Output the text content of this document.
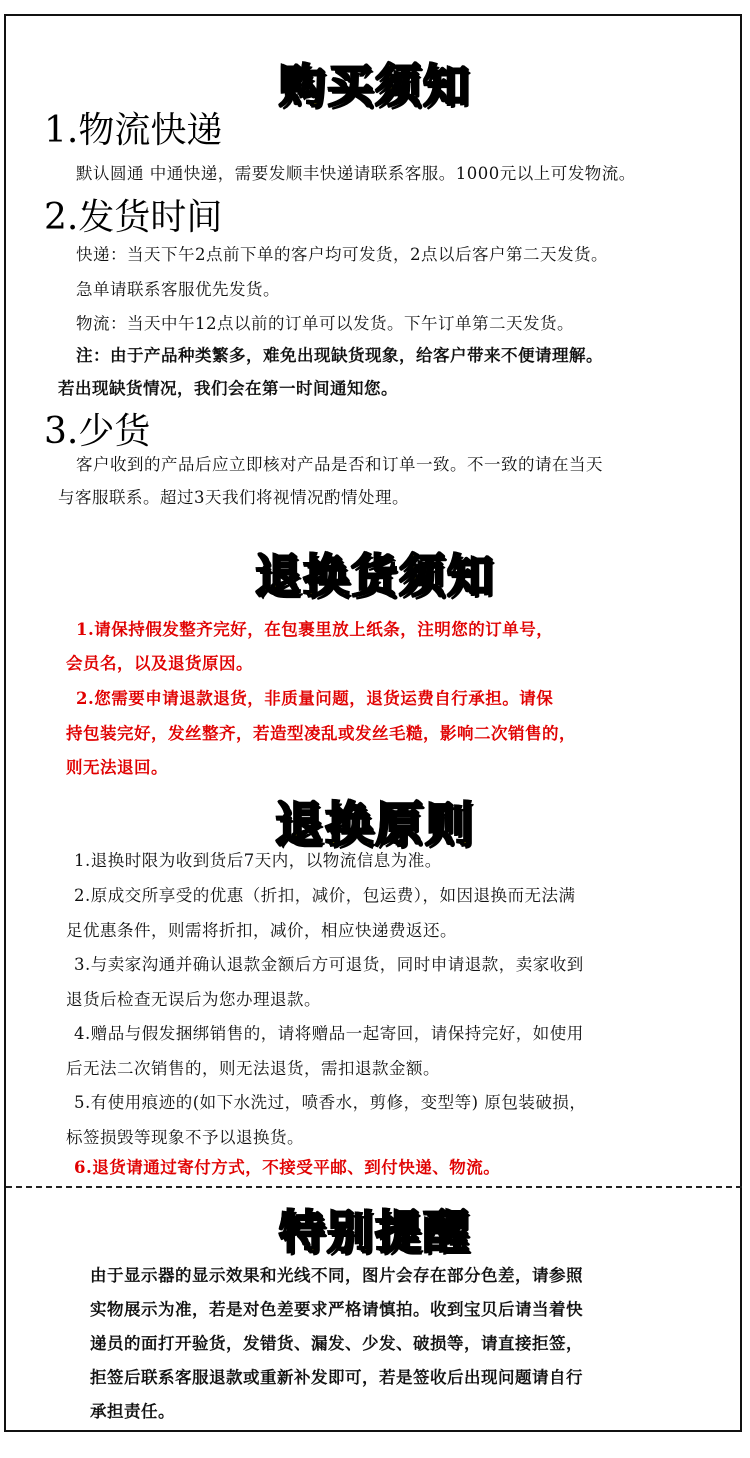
购买须知
1.物流快递
默认圆通 中通快递，需要发顺丰快递请联系客服。1000元以上可发物流。
2.发货时间
快递：当天下午2点前下单的客户均可发货，2点以后客户第二天发货。
急单请联系客服优先发货。
物流：当天中午12点以前的订单可以发货。下午订单第二天发货。
注：由于产品种类繁多，难免出现缺货现象，给客户带来不便请理解。
若出现缺货情况，我们会在第一时间通知您。
3.少货
客户收到的产品后应立即核对产品是否和订单一致。不一致的请在当天
与客服联系。超过3天我们将视情况酌情处理。
退换货须知
1.请保持假发整齐完好，在包裹里放上纸条，注明您的订单号，
会员名，以及退货原因。
2.您需要申请退款退货，非质量问题，退货运费自行承担。请保
持包装完好，发丝整齐，若造型凌乱或发丝毛糙，影响二次销售的，
则无法退回。
退换原则
1.退换时限为收到货后7天内，以物流信息为准。
2.原成交所享受的优惠（折扣，减价，包运费），如因退换而无法满
足优惠条件，则需将折扣，减价，相应快递费返还。
3.与卖家沟通并确认退款金额后方可退货，同时申请退款，卖家收到
退货后检查无误后为您办理退款。
4.赠品与假发捆绑销售的，请将赠品一起寄回，请保持完好，如使用
后无法二次销售的，则无法退货，需扣退款金额。
5.有使用痕迹的(如下水洗过，喷香水，剪修，变型等) 原包装破损，
标签损毁等现象不予以退换货。
6.退货请通过寄付方式，不接受平邮、到付快递、物流。
特别提醒
由于显示器的显示效果和光线不同，图片会存在部分色差，请参照
实物展示为准，若是对色差要求严格请慎拍。收到宝贝后请当着快
递员的面打开验货，发错货、漏发、少发、破损等，请直接拒签，
拒签后联系客服退款或重新补发即可，若是签收后出现问题请自行
承担责任。
